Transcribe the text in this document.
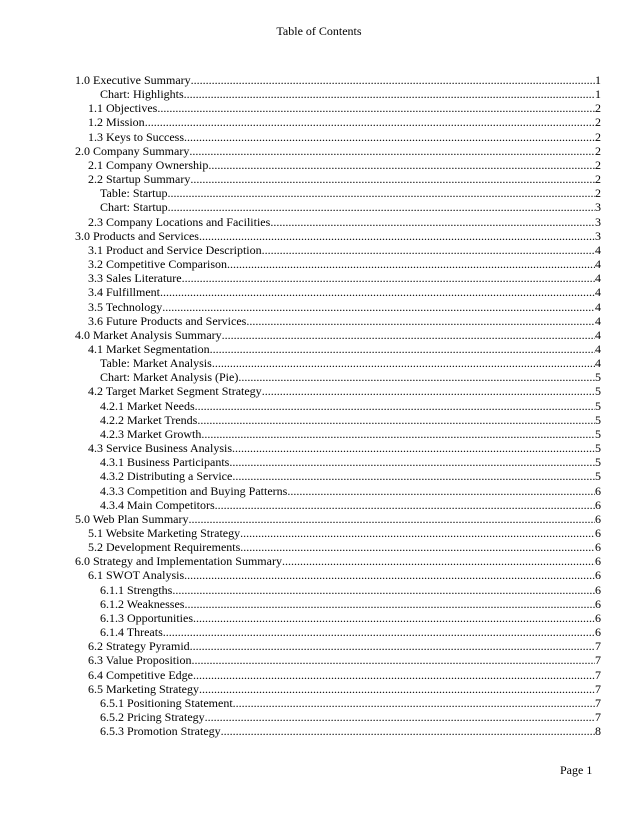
Table of Contents
1.0 Executive Summary .....	1
Chart: Highlights .....	1
1.1 Objectives .....	2
1.2 Mission .....	2
1.3 Keys to Success .....	2
2.0 Company Summary .....	2
2.1 Company Ownership .....	2
2.2 Startup Summary .....	2
Table: Startup .....	2
Chart: Startup .....	3
2.3 Company Locations and Facilities .....	3
3.0 Products and Services .....	3
3.1 Product and Service Description .....	4
3.2 Competitive Comparison .....	4
3.3 Sales Literature .....	4
3.4 Fulfillment .....	4
3.5 Technology .....	4
3.6 Future Products and Services .....	4
4.0 Market Analysis Summary .....	4
4.1 Market Segmentation .....	4
Table: Market Analysis .....	4
Chart: Market Analysis (Pie) .....	5
4.2 Target Market Segment Strategy .....	5
4.2.1 Market Needs .....	5
4.2.2 Market Trends .....	5
4.2.3 Market Growth .....	5
4.3 Service Business Analysis .....	5
4.3.1 Business Participants .....	5
4.3.2 Distributing a Service .....	5
4.3.3 Competition and Buying Patterns .....	6
4.3.4 Main Competitors .....	6
5.0 Web Plan Summary .....	6
5.1 Website Marketing Strategy .....	6
5.2 Development Requirements .....	6
6.0 Strategy and Implementation Summary .....	6
6.1 SWOT Analysis .....	6
6.1.1 Strengths .....	6
6.1.2 Weaknesses .....	6
6.1.3 Opportunities .....	6
6.1.4 Threats .....	6
6.2 Strategy Pyramid .....	7
6.3 Value Proposition .....	7
6.4 Competitive Edge .....	7
6.5 Marketing Strategy .....	7
6.5.1 Positioning Statement .....	7
6.5.2 Pricing Strategy .....	7
6.5.3 Promotion Strategy .....	8
Page 1
